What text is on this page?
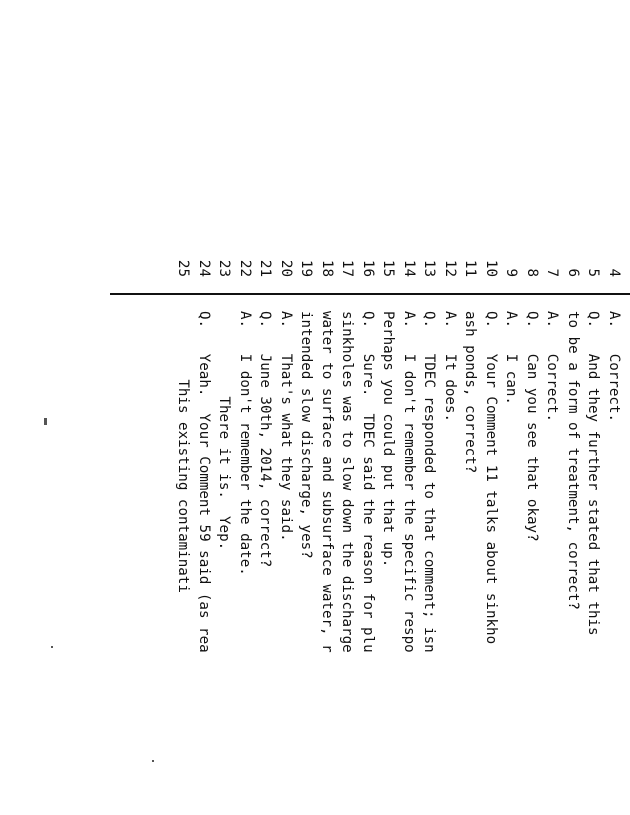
4
A.   Correct.
5
Q.   And they further stated that this
6
to be a form of treatment, correct?
7
A.   Correct.
8
Q.   Can you see that okay?
9
A.   I can.
10
Q.   Your Comment 11 talks about sinkho
11
ash ponds, correct?
12
A.   It does.
13
Q.   TDEC responded to that comment; isn
14
A.   I don't remember the specific respo
15
Perhaps you could put that up.
16
Q.   Sure.  TDEC said the reason for plu
17
sinkholes was to slow down the discharge
18
water to surface and subsurface water, r
19
intended slow discharge, yes?
20
A.   That's what they said.
21
Q.   June 30th, 2014, correct?
22
A.   I don't remember the date.
23
There it is.  Yep.
24
Q.   Yeah.  Your Comment 59 said (as rea
25
This existing contaminati
